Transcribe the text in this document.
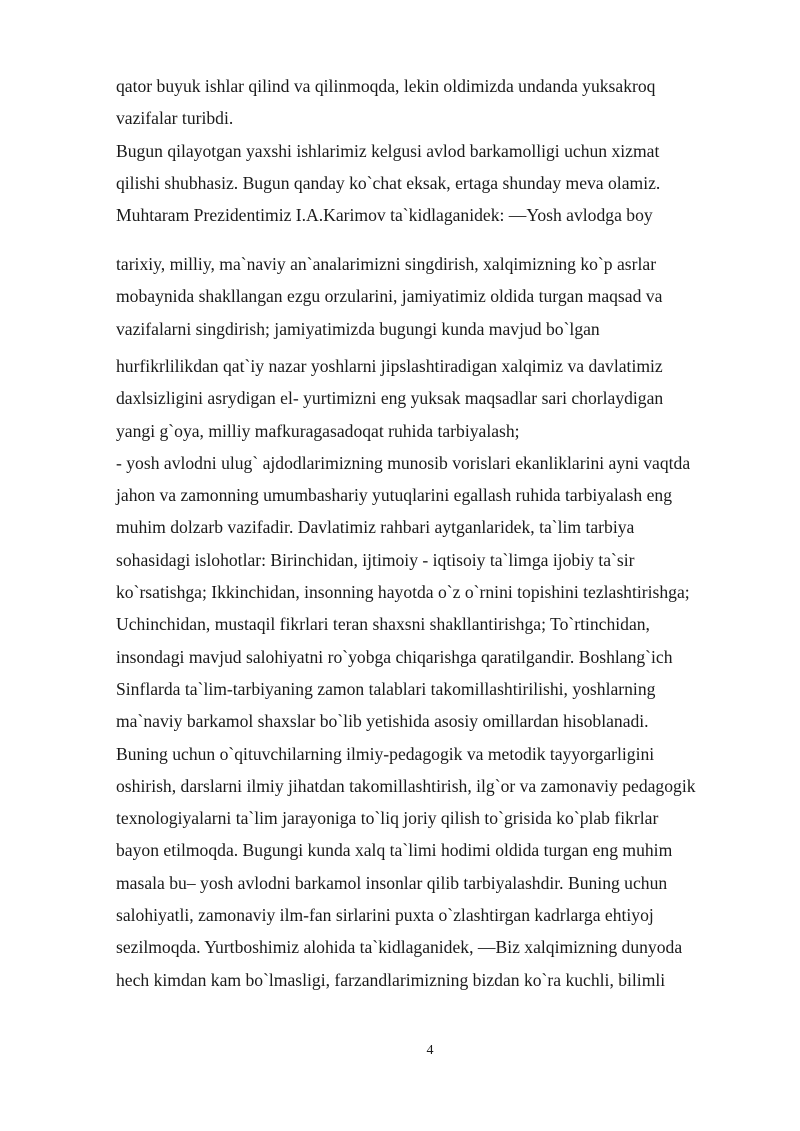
qator buyuk ishlar qilind va qilinmoqda, lekin oldimizda undanda yuksakroq
vazifalar turibdi.
Bugun qilayotgan yaxshi ishlarimiz kelgusi avlod barkamolligi uchun xizmat
qilishi shubhasiz. Bugun qanday ko`chat eksak, ertaga shunday meva olamiz.
Muhtaram Prezidentimiz I.A.Karimov ta`kidlaganidek: —Yosh avlodga boy
tarixiy, milliy, ma`naviy an`analarimizni singdirish, xalqimizning ko`p asrlar
mobaynida shakllangan ezgu orzularini, jamiyatimiz oldida turgan maqsad va
vazifalarni singdirish; jamiyatimizda bugungi kunda mavjud bo`lgan
hurfikrlilikdan qat`iy nazar yoshlarni jipslashtiradigan xalqimiz va davlatimiz
daxlsizligini asrydigan el- yurtimizni eng yuksak maqsadlar sari chorlaydigan
yangi g`oya, milliy mafkuragasadoqat ruhida tarbiyalash;
- yosh avlodni ulug` ajdodlarimizning munosib vorislari ekanliklarini ayni vaqtda
jahon va zamonning umumbashariy yutuqlarini egallash ruhida tarbiyalash eng
muhim dolzarb vazifadir. Davlatimiz rahbari aytganlaridek, ta`lim tarbiya
sohasidagi islohotlar: Birinchidan, ijtimoiy - iqtisoiy ta`limga ijobiy ta`sir
ko`rsatishga; Ikkinchidan, insonning hayotda o`z o`rnini topishini tezlashtirishga;
Uchinchidan, mustaqil fikrlari teran shaxsni shakllantirishga; To`rtinchidan,
insondagi mavjud salohiyatni ro`yobga chiqarishga qaratilgandir. Boshlang`ich
Sinflarda ta`lim-tarbiyaning zamon talablari takomillashtirilishi, yoshlarning
ma`naviy barkamol shaxslar bo`lib yetishida asosiy omillardan hisoblanadi.
Buning uchun o`qituvchilarning ilmiy-pedagogik va metodik tayyorgarligini
oshirish, darslarni ilmiy jihatdan takomillashtirish, ilg`or va zamonaviy pedagogik
texnologiyalarni ta`lim jarayoniga to`liq joriy qilish to`grisida ko`plab fikrlar
bayon etilmoqda. Bugungi kunda xalq ta`limi hodimi oldida turgan eng muhim
masala bu– yosh avlodni barkamol insonlar qilib tarbiyalashdir. Buning uchun
salohiyatli, zamonaviy ilm-fan sirlarini puxta o`zlashtirgan kadrlarga ehtiyoj
sezilmoqda. Yurtboshimiz alohida ta`kidlaganidek, —Biz xalqimizning dunyoda
hech kimdan kam bo`lmasligi, farzandlarimizning bizdan ko`ra kuchli, bilimli
4
